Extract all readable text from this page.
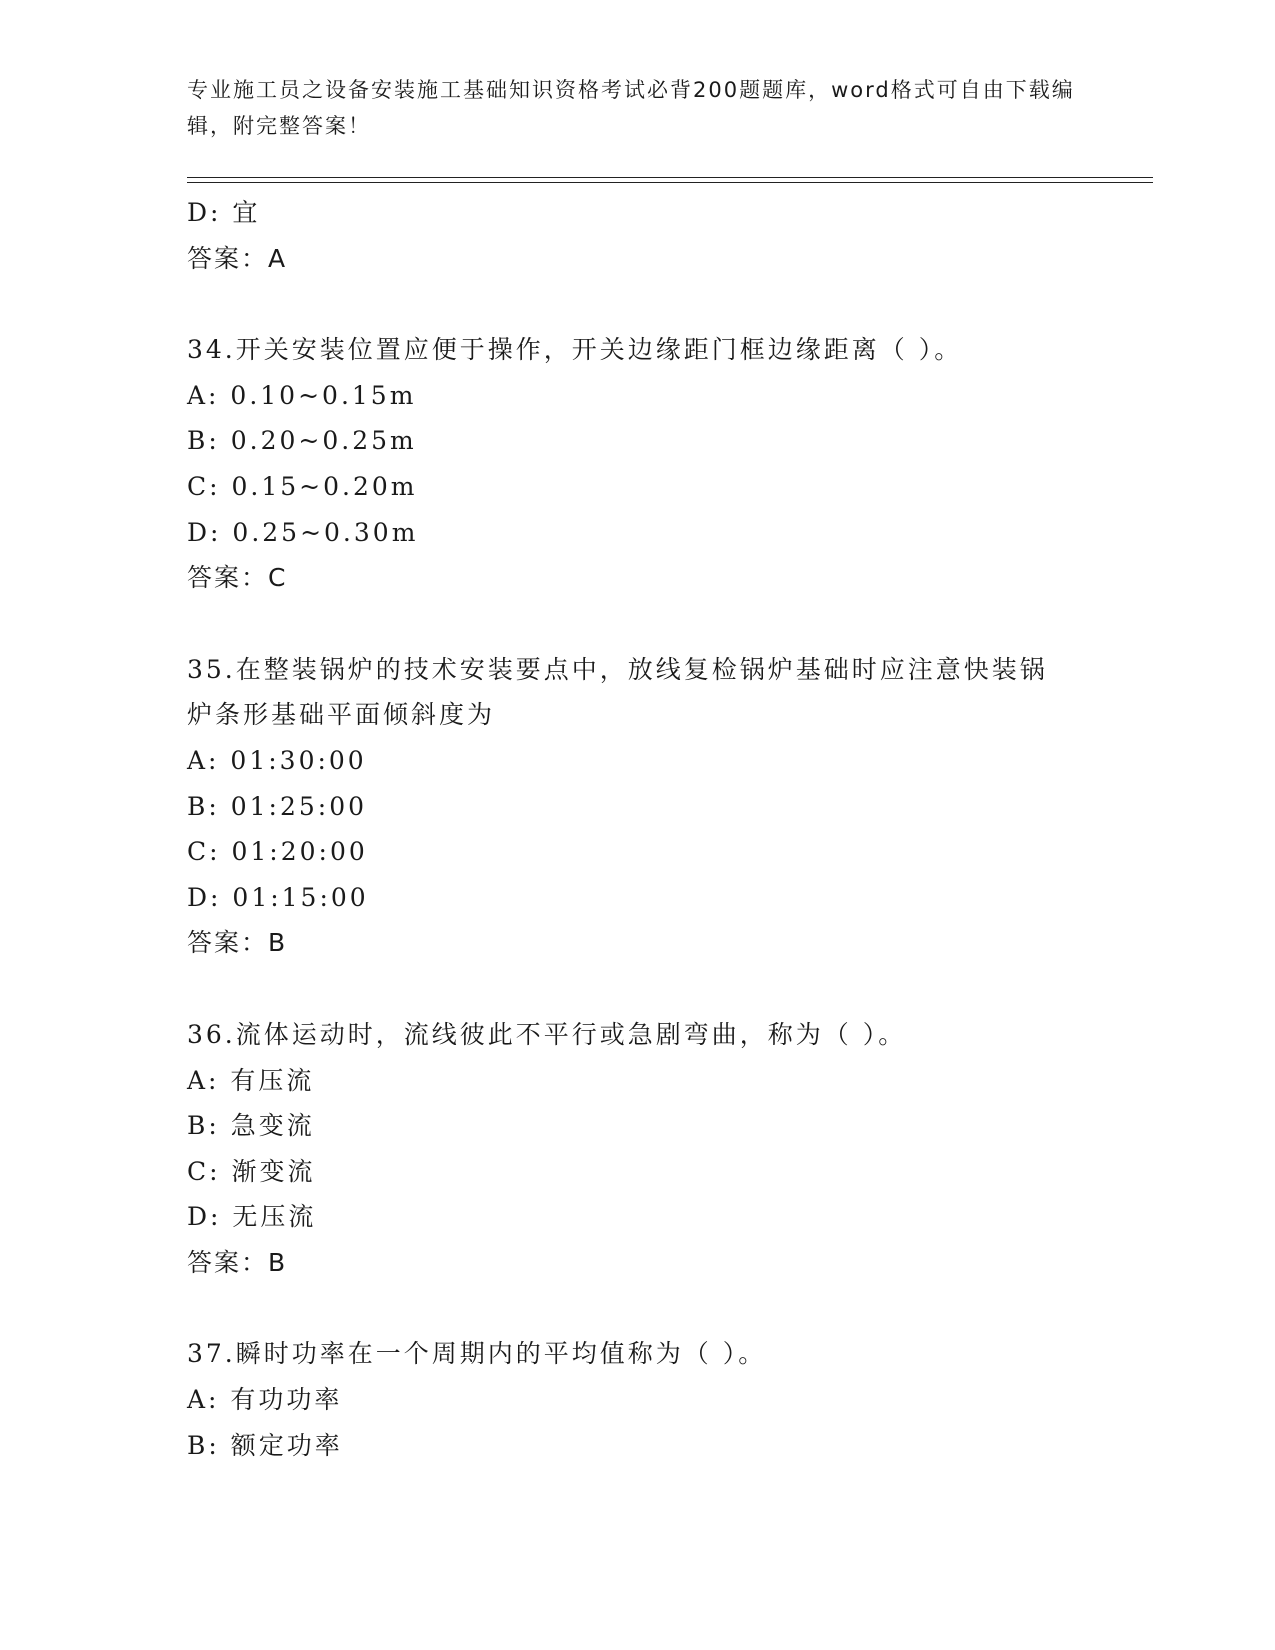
专业施工员之设备安装施工基础知识资格考试必背200题题库，word格式可自由下载编辑，附完整答案！
D: 宜
答案：A
34.开关安装位置应便于操作，开关边缘距门框边缘距离（ ）。
A: 0.10~0.15m
B: 0.20~0.25m
C: 0.15~0.20m
D: 0.25~0.30m
答案：C
35.在整装锅炉的技术安装要点中，放线复检锅炉基础时应注意快装锅炉条形基础平面倾斜度为
A: 01:30:00
B: 01:25:00
C: 01:20:00
D: 01:15:00
答案：B
36.流体运动时，流线彼此不平行或急剧弯曲，称为（ ）。
A: 有压流
B: 急变流
C: 渐变流
D: 无压流
答案：B
37.瞬时功率在一个周期内的平均值称为（ ）。
A: 有功功率
B: 额定功率
